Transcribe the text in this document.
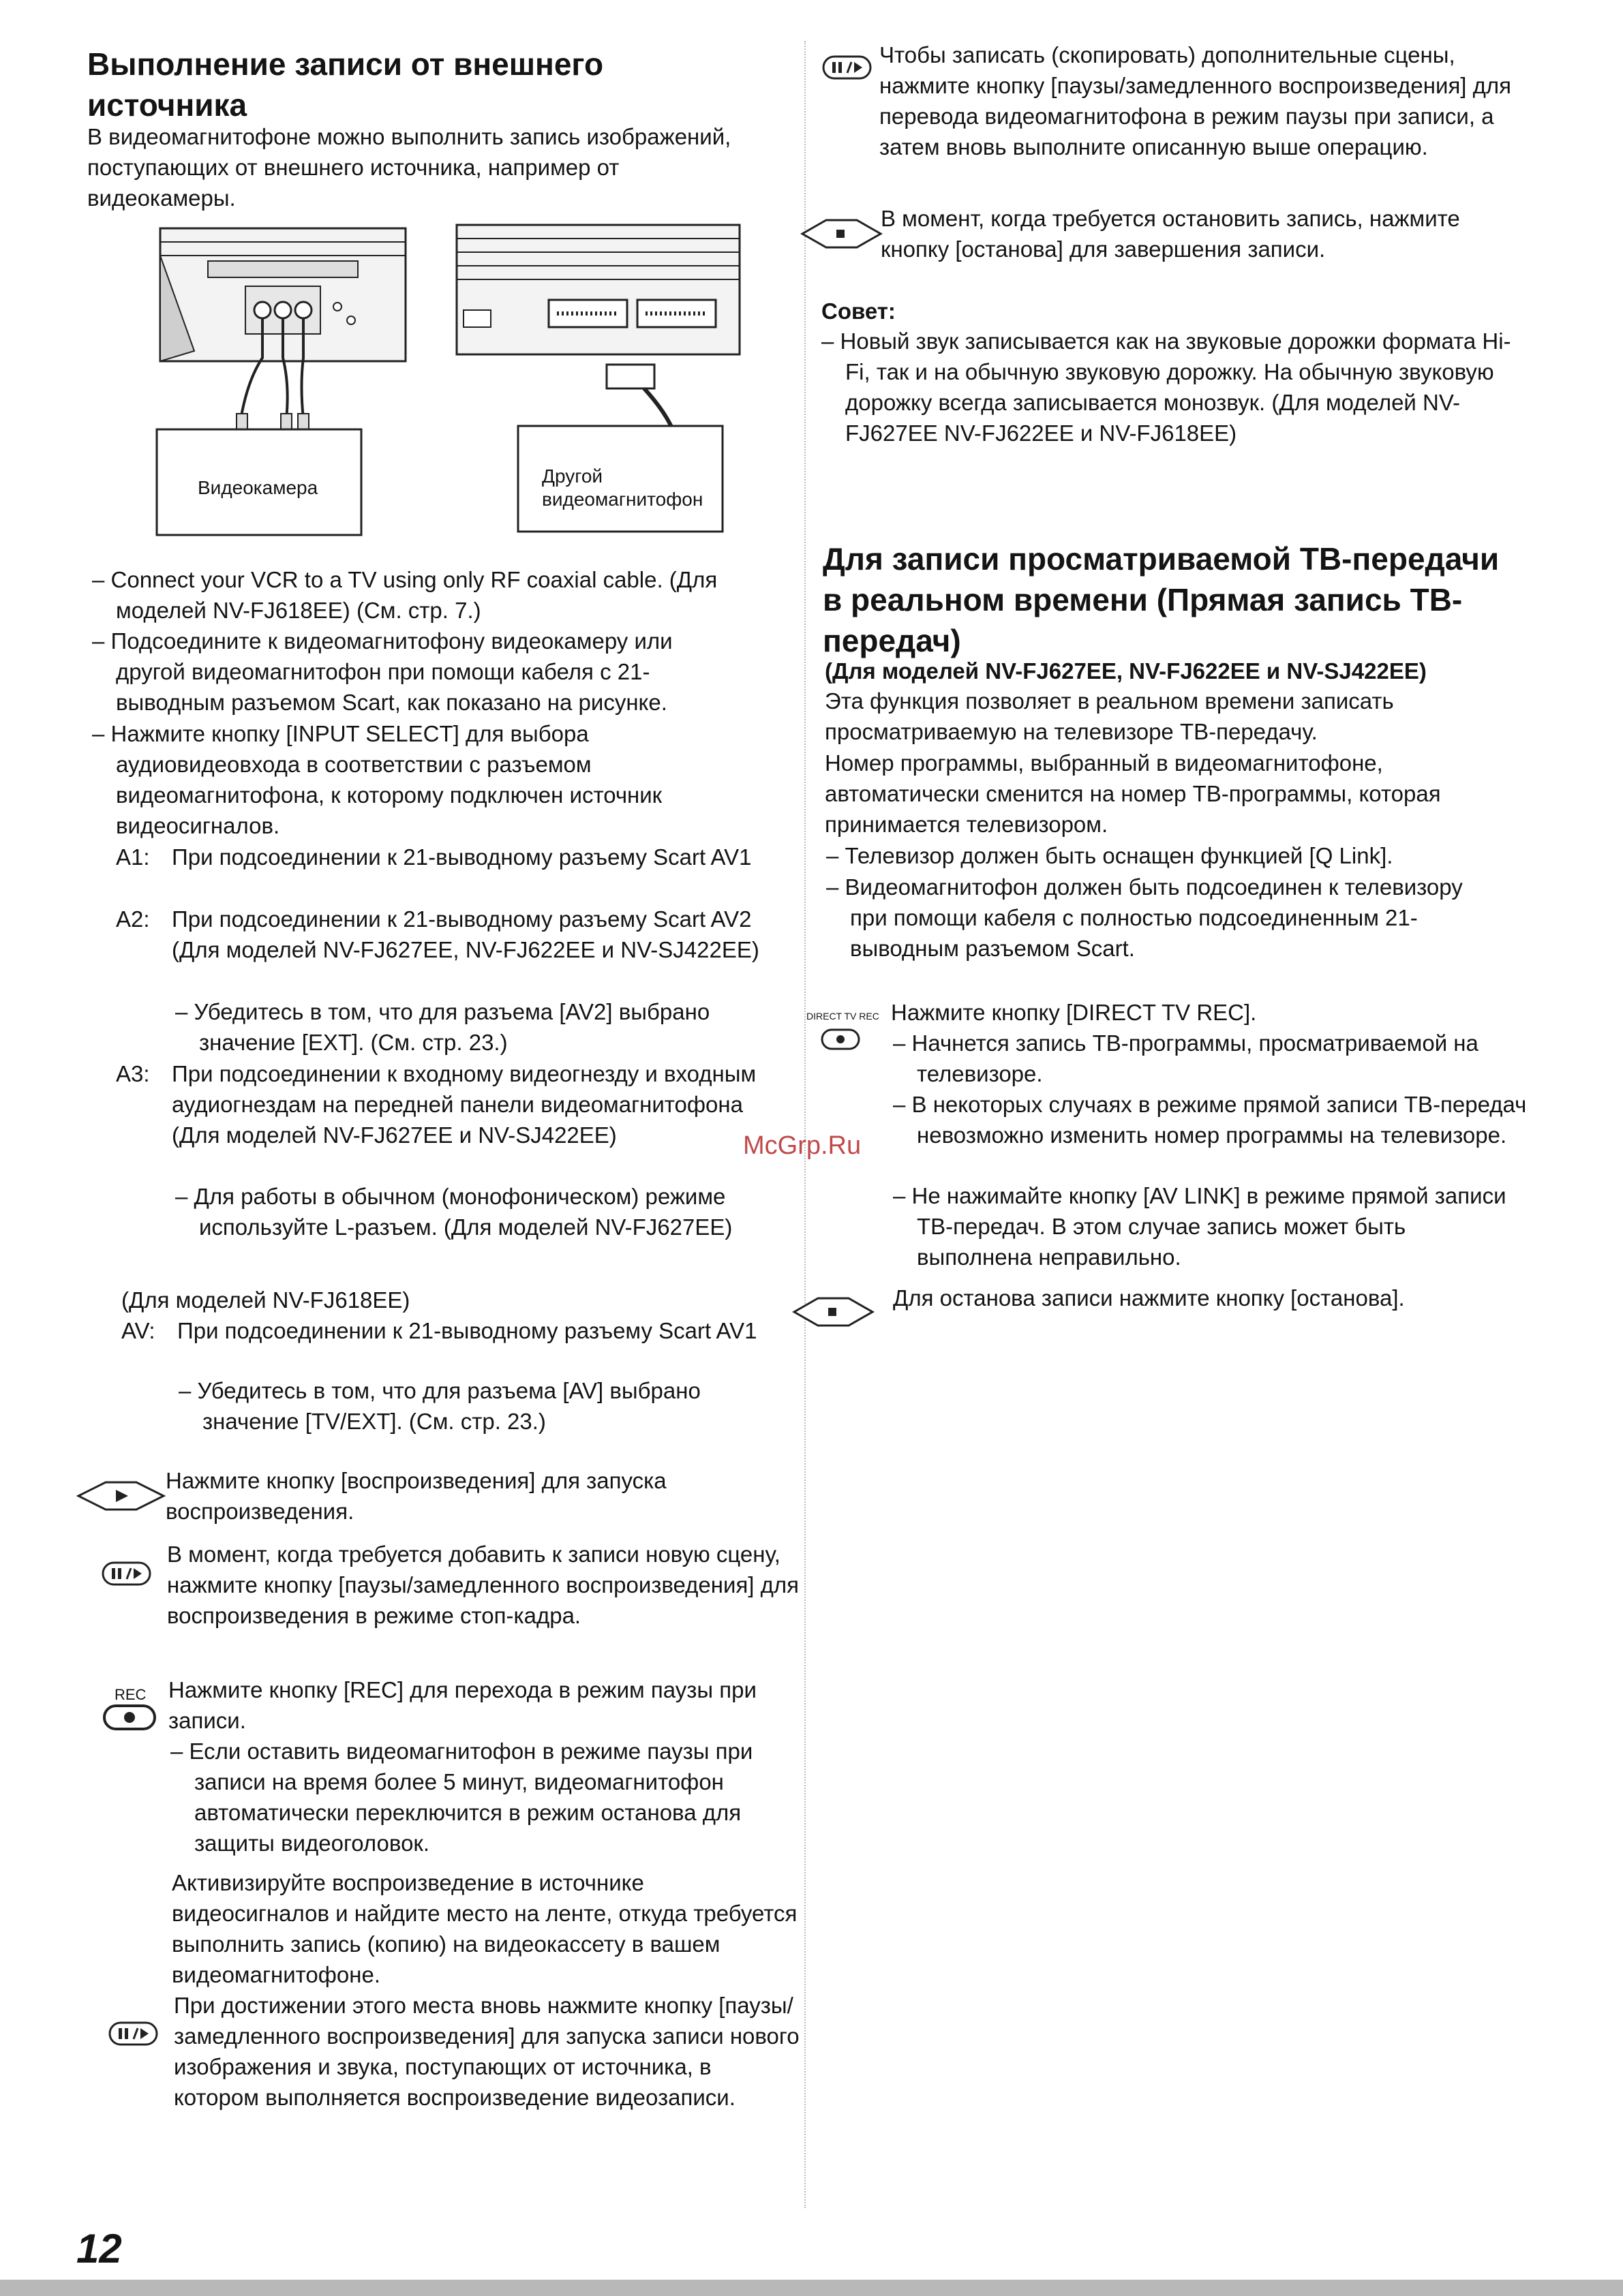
Выполнение записи от внешнего источника
В видеомагнитофоне можно выполнить запись изображений, поступающих от внешнего источника, например от видеокамеры.
Видеокамера
Другой
видеомагнитофон
– Connect your VCR to a TV using only RF coaxial cable. (Для моделей NV-FJ618EE) (См. стр. 7.)
– Подсоедините к видеомагнитофону видеокамеру или другой видеомагнитофон при помощи кабеля с 21-выводным разъемом Scart, как показано на рисунке.
– Нажмите кнопку [INPUT SELECT] для выбора аудиовидеовхода в соответствии с разъемом видеомагнитофона, к которому подключен источник видеосигналов.
A1: При подсоединении к 21-выводному разъему Scart AV1
A2: При подсоединении к 21-выводному разъему Scart AV2 (Для моделей NV-FJ627EE, NV-FJ622EE и NV-SJ422EE)
– Убедитесь в том, что для разъема [AV2] выбрано значение [EXT]. (См. стр. 23.)
A3: При подсоединении к входному видеогнезду и входным аудиогнездам на передней панели видеомагнитофона (Для моделей NV-FJ627EE и NV-SJ422EE)
– Для работы в обычном (монофоническом) режиме используйте L-разъем. (Для моделей NV-FJ627EE)
(Для моделей NV-FJ618EE)
AV: При подсоединении к 21-выводному разъему Scart AV1
– Убедитесь в том, что для разъема [AV] выбрано значение [TV/EXT]. (См. стр. 23.)
Нажмите кнопку [воспроизведения] для запуска воспроизведения.
В момент, когда требуется добавить к записи новую сцену, нажмите кнопку [паузы/замедленного воспроизведения] для воспроизведения в режиме стоп-кадра.
REC Нажмите кнопку [REC] для перехода в режим паузы при записи.
– Если оставить видеомагнитофон в режиме паузы при записи на время более 5 минут, видеомагнитофон автоматически переключится в режим останова для защиты видеоголовок.
Активизируйте воспроизведение в источнике видеосигналов и найдите место на ленте, откуда требуется выполнить запись (копию) на видеокассету в вашем видеомагнитофоне.
При достижении этого места вновь нажмите кнопку [паузы/замедленного воспроизведения] для запуска записи нового изображения и звука, поступающих от источника, в котором выполняется воспроизведение видеозаписи.
Чтобы записать (скопировать) дополнительные сцены, нажмите кнопку [паузы/замедленного воспроизведения] для перевода видеомагнитофона в режим паузы при записи, а затем вновь выполните описанную выше операцию.
В момент, когда требуется остановить запись, нажмите кнопку [останова] для завершения записи.
Совет:
– Новый звук записывается как на звуковые дорожки формата Hi-Fi, так и на обычную звуковую дорожку. На обычную звуковую дорожку всегда записывается монозвук. (Для моделей NV-FJ627EE NV-FJ622EE и NV-FJ618EE)
Для записи просматриваемой ТВ-передачи в реальном времени (Прямая запись ТВ-передач)
(Для моделей NV-FJ627EE, NV-FJ622EE и NV-SJ422EE)
Эта функция позволяет в реальном времени записать просматриваемую на телевизоре ТВ-передачу.
Номер программы, выбранный в видеомагнитофоне, автоматически сменится на номер ТВ-программы, которая принимается телевизором.
– Телевизор должен быть оснащен функцией [Q Link].
– Видеомагнитофон должен быть подсоединен к телевизору при помощи кабеля с полностью подсоединенным 21-выводным разъемом Scart.
DIRECT TV REC Нажмите кнопку [DIRECT TV REC].
– Начнется запись ТВ-программы, просматриваемой на телевизоре.
– В некоторых случаях в режиме прямой записи ТВ-передач невозможно изменить номер программы на телевизоре.
– Не нажимайте кнопку [AV LINK] в режиме прямой записи ТВ-передач. В этом случае запись может быть выполнена неправильно.
Для останова записи нажмите кнопку [останова].
McGrp.Ru
12
